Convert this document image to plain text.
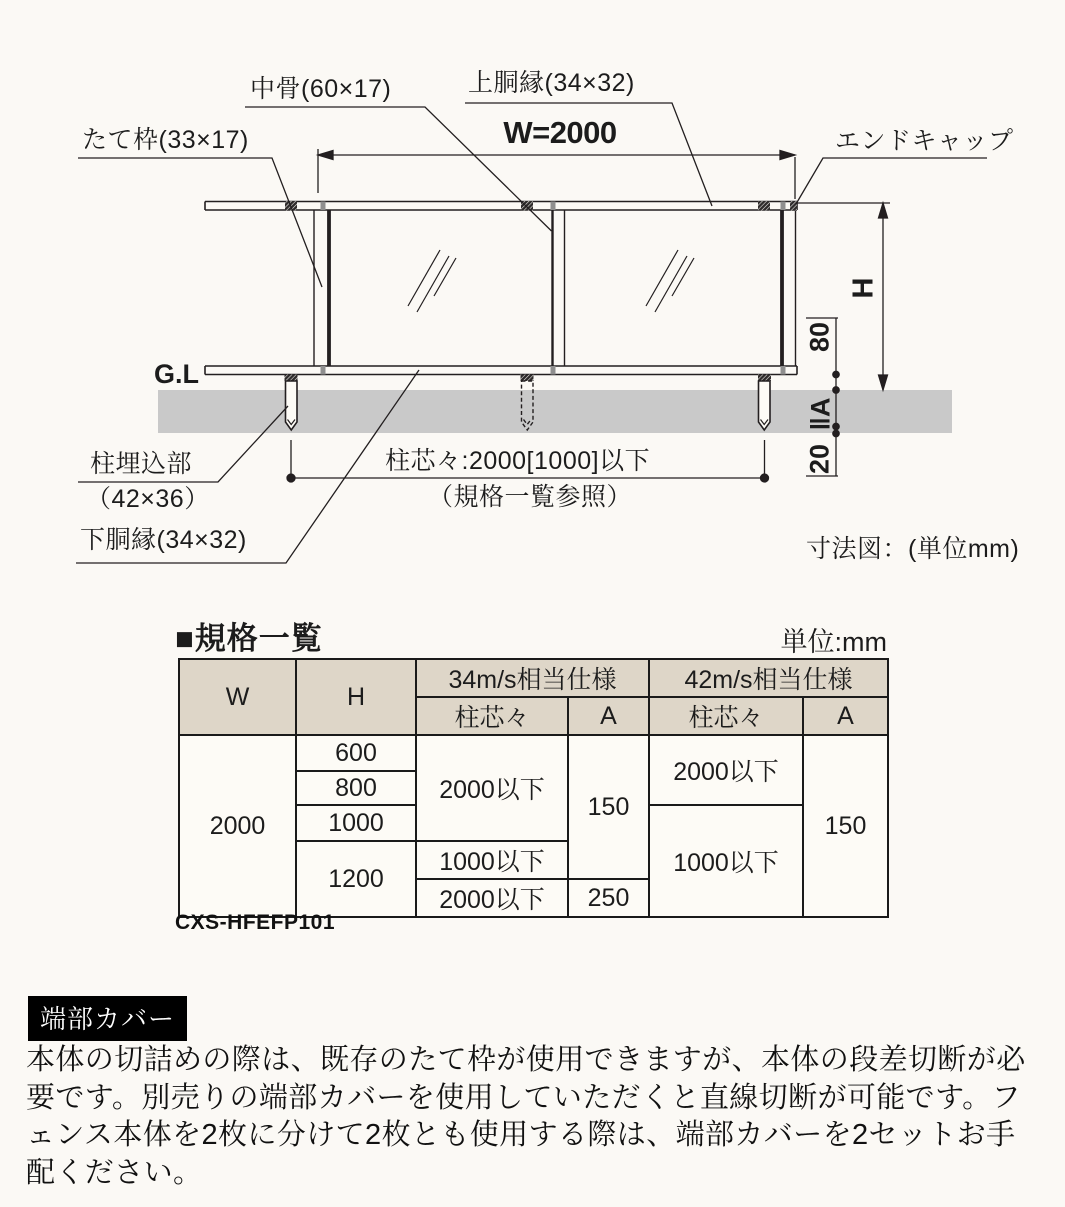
中骨(60×17)	上胴縁(34×32)
たて枠(33×17)	W=2000	エンドキャップ
G.L
H
80
‖A
20
柱埋込部
（42×36）
下胴縁(34×32)
柱芯々:2000[1000]以下
（規格一覧参照）
寸法図：(単位mm)
■規格一覧	単位:mm
W	H	34m/s相当仕様		42m/s相当仕様	
		柱芯々	A	柱芯々	A
2000	600	2000以下	150	2000以下	150
	800				
	1000			1000以下	
	1200	1000以下			
		2000以下	250		
CXS-HFEFP101
端部カバー
本体の切詰めの際は、既存のたて枠が使用できますが、本体の段差切断が必要です。別売りの端部カバーを使用していただくと直線切断が可能です。フェンス本体を2枚に分けて2枚とも使用する際は、端部カバーを2セットお手配ください。
